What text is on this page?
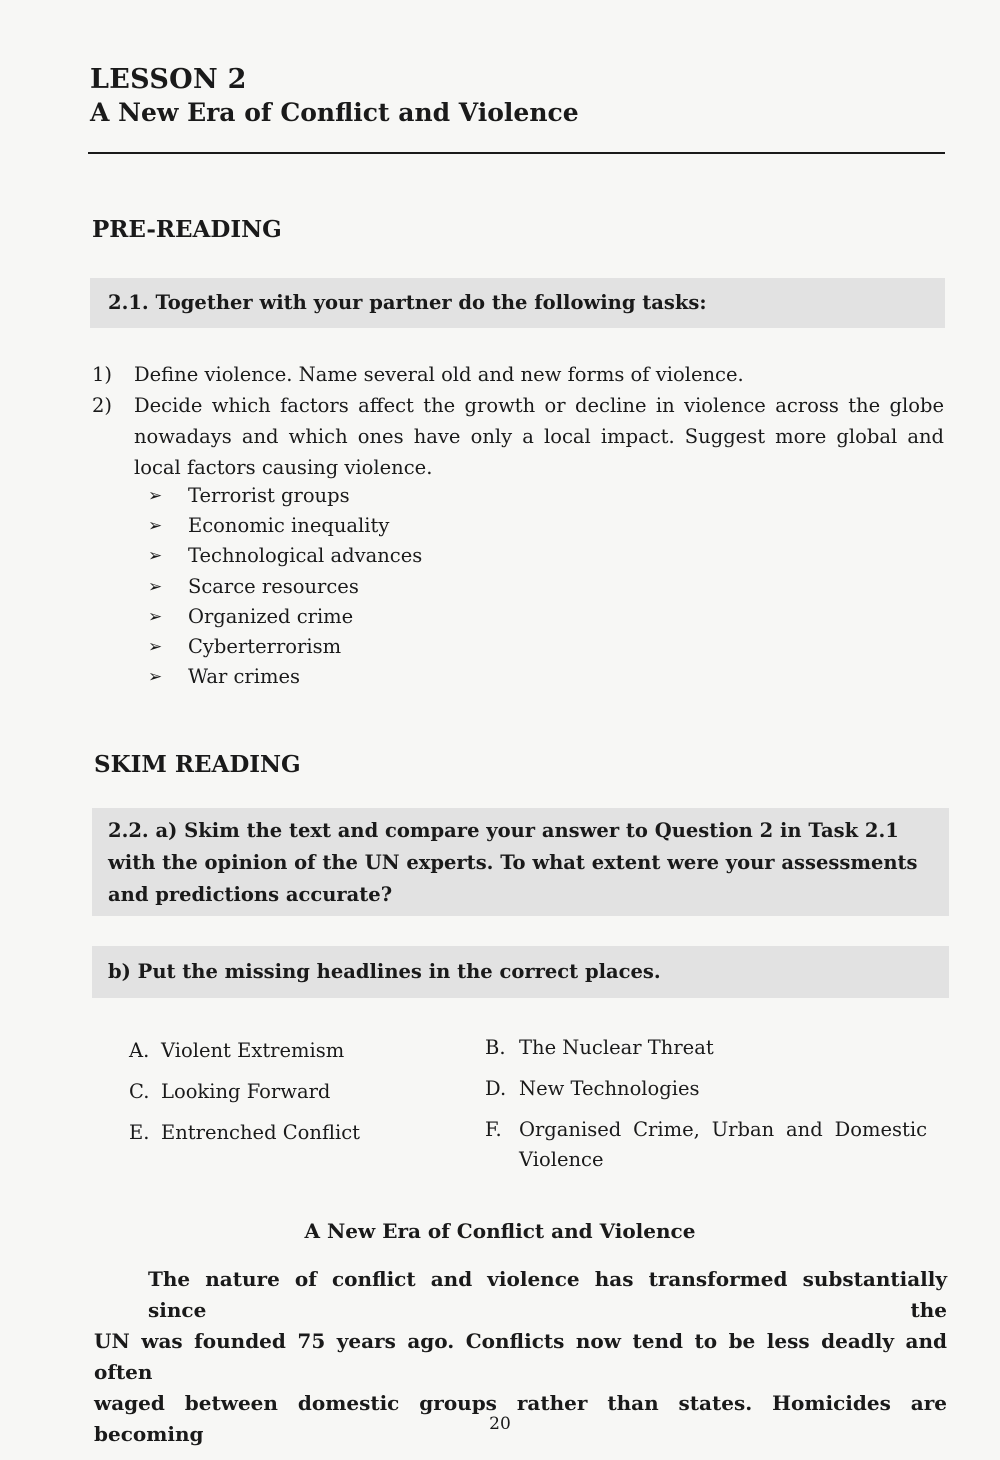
LESSON 2
A New Era of Conflict and Violence
PRE-READING
2.1. Together with your partner do the following tasks:
1) Define violence. Name several old and new forms of violence.
2) Decide which factors affect the growth or decline in violence across the globe nowadays and which ones have only a local impact. Suggest more global and local factors causing violence.
➢ Terrorist groups
➢ Economic inequality
➢ Technological advances
➢ Scarce resources
➢ Organized crime
➢ Cyberterrorism
➢ War crimes
SKIM READING
2.2. a) Skim the text and compare your answer to Question 2 in Task 2.1 with the opinion of the UN experts. To what extent were your assessments and predictions accurate?
b) Put the missing headlines in the correct places.
A. Violent Extremism	B. The Nuclear Threat
C. Looking Forward	D. New Technologies
E. Entrenched Conflict	F. Organised Crime, Urban and Domestic
Violence
A New Era of Conflict and Violence
The nature of conflict and violence has transformed substantially since the
UN was founded 75 years ago. Conflicts now tend to be less deadly and often
waged between domestic groups rather than states. Homicides are becoming	20
